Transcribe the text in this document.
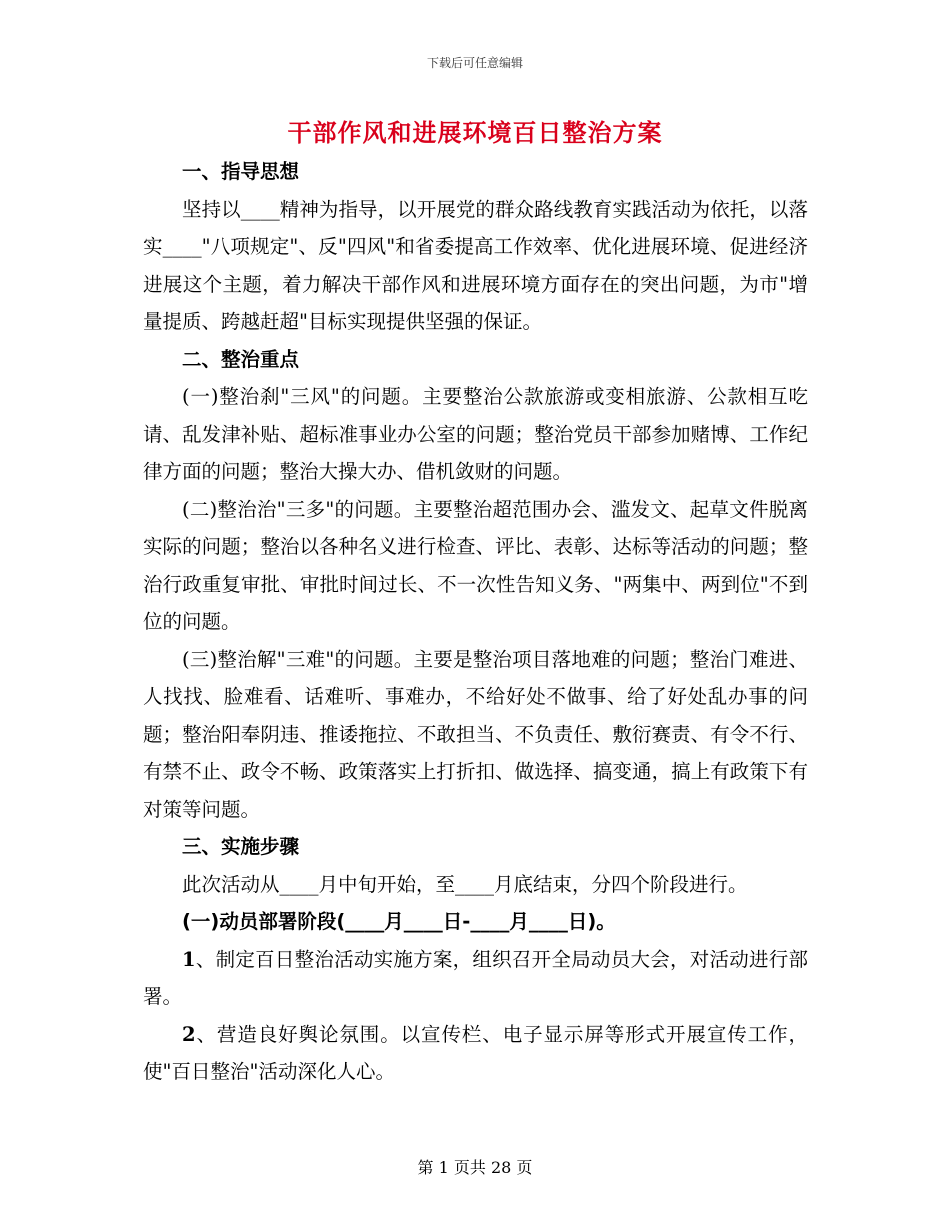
下载后可任意编辑
干部作风和进展环境百日整治方案

一、指导思想

坚持以____精神为指导，以开展党的群众路线教育实践活动为依托，以落实____"八项规定"、反"四风"和省委提高工作效率、优化进展环境、促进经济进展这个主题，着力解决干部作风和进展环境方面存在的突出问题，为市"增量提质、跨越赶超"目标实现提供坚强的保证。

二、整治重点

(一)整治刹"三风"的问题。主要整治公款旅游或变相旅游、公款相互吃请、乱发津补贴、超标准事业办公室的问题；整治党员干部参加赌博、工作纪律方面的问题；整治大操大办、借机敛财的问题。

(二)整治治"三多"的问题。主要整治超范围办会、滥发文、起草文件脱离实际的问题；整治以各种名义进行检查、评比、表彰、达标等活动的问题；整治行政重复审批、审批时间过长、不一次性告知义务、"两集中、两到位"不到位的问题。

(三)整治解"三难"的问题。主要是整治项目落地难的问题；整治门难进、人找找、脸难看、话难听、事难办，不给好处不做事、给了好处乱办事的问题；整治阳奉阴违、推诿拖拉、不敢担当、不负责任、敷衍赛责、有令不行、有禁不止、政令不畅、政策落实上打折扣、做选择、搞变通，搞上有政策下有对策等问题。

三、实施步骤

此次活动从____月中旬开始，至____月底结束，分四个阶段进行。

(一)动员部署阶段(____月____日-____月____日)。

1、制定百日整治活动实施方案，组织召开全局动员大会，对活动进行部署。

2、营造良好舆论氛围。以宣传栏、电子显示屏等形式开展宣传工作，使"百日整治"活动深化人心。

第 1 页共 28 页
